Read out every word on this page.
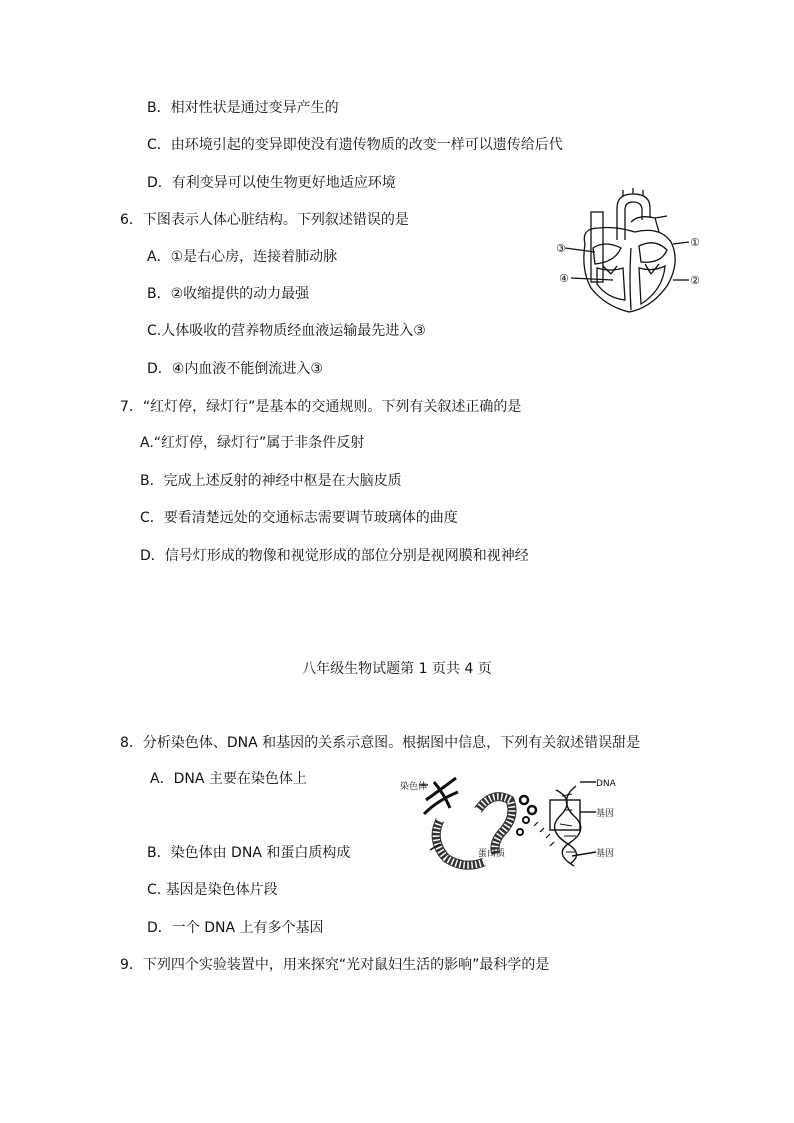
B．相对性状是通过变异产生的
C．由环境引起的变异即使没有遗传物质的改变一样可以遗传给后代
D．有利变异可以使生物更好地适应环境
6．下图表示人体心脏结构。下列叙述错误的是
A．①是右心房，连接着肺动脉
B．②收缩提供的动力最强
C.人体吸收的营养物质经血液运输最先进入③
D．④内血液不能倒流进入③
③	①
②
④
7．“红灯停，绿灯行”是基本的交通规则。下列有关叙述正确的是
A.“红灯停，绿灯行”属于非条件反射
B．完成上述反射的神经中枢是在大脑皮质
C．要看清楚远处的交通标志需要调节玻璃体的曲度
D．信号灯形成的物像和视觉形成的部位分别是视网膜和视神经
八年级生物试题第 1 页共 4 页
8．分析染色体、DNA 和基因的关系示意图。根据图中信息，下列有关叙述错误甜是
A．DNA 主要在染色体上	染色体	DNA
基因
蛋白质	基因
B．染色体由 DNA 和蛋白质构成
C. 基因是染色体片段
D．一个 DNA 上有多个基因
9．下列四个实验装置中，用来探究“光对鼠妇生活的影响”最科学的是
